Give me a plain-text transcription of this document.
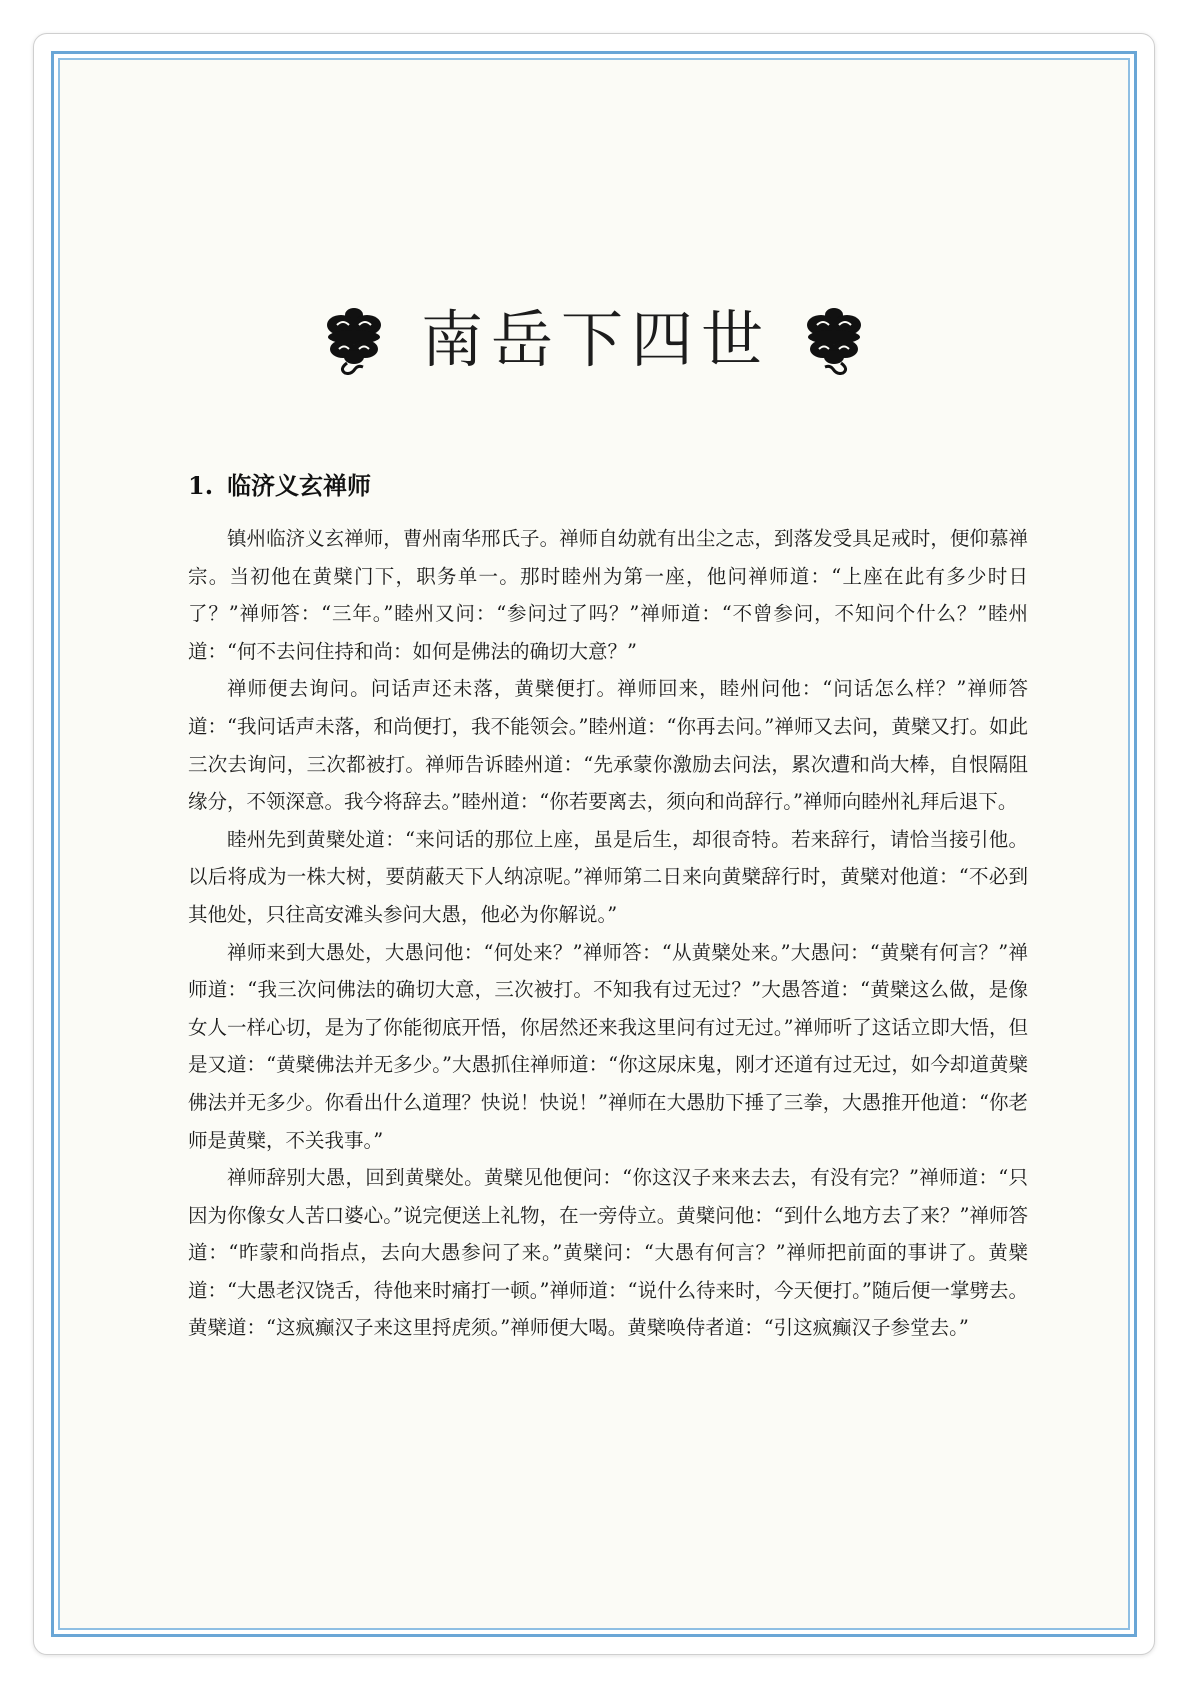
南岳下四世
1. 临济义玄禅师

镇州临济义玄禅师，曹州南华邢氏子。禅师自幼就有出尘之志，到落发受具足戒时，便仰慕禅宗。当初他在黄檗门下，职务单一。那时睦州为第一座，他问禅师道：“上座在此有多少时日了？”禅师答：“三年。”睦州又问：“参问过了吗？”禅师道：“不曾参问，不知问个什么？”睦州道：“何不去问住持和尚：如何是佛法的确切大意？”

禅师便去询问。问话声还未落，黄檗便打。禅师回来，睦州问他：“问话怎么样？”禅师答道：“我问话声未落，和尚便打，我不能领会。”睦州道：“你再去问。”禅师又去问，黄檗又打。如此三次去询问，三次都被打。禅师告诉睦州道：“先承蒙你激励去问法，累次遭和尚大棒，自恨隔阻缘分，不领深意。我今将辞去。”睦州道：“你若要离去，须向和尚辞行。”禅师向睦州礼拜后退下。

睦州先到黄檗处道：“来问话的那位上座，虽是后生，却很奇特。若来辞行，请恰当接引他。以后将成为一株大树，要荫蔽天下人纳凉呢。”禅师第二日来向黄檗辞行时，黄檗对他道：“不必到其他处，只往高安滩头参问大愚，他必为你解说。”

禅师来到大愚处，大愚问他：“何处来？”禅师答：“从黄檗处来。”大愚问：“黄檗有何言？”禅师道：“我三次问佛法的确切大意，三次被打。不知我有过无过？”大愚答道：“黄檗这么做，是像女人一样心切，是为了你能彻底开悟，你居然还来我这里问有过无过。”禅师听了这话立即大悟，但是又道：“黄檗佛法并无多少。”大愚抓住禅师道：“你这尿床鬼，刚才还道有过无过，如今却道黄檗佛法并无多少。你看出什么道理？快说！快说！”禅师在大愚肋下捶了三拳，大愚推开他道：“你老师是黄檗，不关我事。”

禅师辞别大愚，回到黄檗处。黄檗见他便问：“你这汉子来来去去，有没有完？”禅师道：“只因为你像女人苦口婆心。”说完便送上礼物，在一旁侍立。黄檗问他：“到什么地方去了来？”禅师答道：“昨蒙和尚指点，去向大愚参问了来。”黄檗问：“大愚有何言？”禅师把前面的事讲了。黄檗道：“大愚老汉饶舌，待他来时痛打一顿。”禅师道：“说什么待来时，今天便打。”随后便一掌劈去。黄檗道：“这疯癫汉子来这里捋虎须。”禅师便大喝。黄檗唤侍者道：“引这疯癫汉子参堂去。”
